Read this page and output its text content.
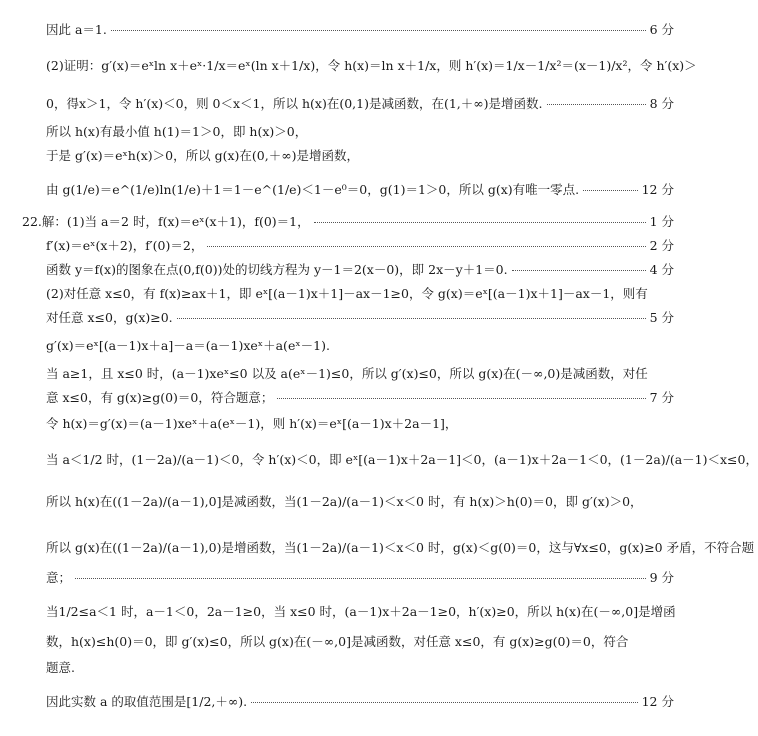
因此 a＝1.	6 分
(2)证明：g′(x)＝eˣln x＋eˣ·1/x＝eˣ(ln x＋1/x)，令 h(x)＝ln x＋1/x，则 h′(x)＝1/x－1/x²＝(x－1)/x²，令 h′(x)＞
0，得x＞1，令 h′(x)＜0，则 0＜x＜1，所以 h(x)在(0,1)是减函数，在(1,＋∞)是增函数.	8 分
所以 h(x)有最小值 h(1)＝1＞0，即 h(x)＞0，
于是 g′(x)＝eˣh(x)＞0，所以 g(x)在(0,＋∞)是增函数，
由 g(1/e)＝e^(1/e)ln(1/e)＋1＝1－e^(1/e)＜1－e⁰＝0，g(1)＝1＞0，所以 g(x)有唯一零点.	12 分
22.解：(1)当 a＝2 时，f(x)＝eˣ(x＋1)，f(0)＝1，	1 分
f′(x)＝eˣ(x＋2)，f′(0)＝2，	2 分
函数 y＝f(x)的图象在点(0,f(0))处的切线方程为 y－1＝2(x－0)，即 2x－y＋1＝0.	4 分
(2)对任意 x≤0，有 f(x)≥ax＋1，即 eˣ[(a－1)x＋1]－ax－1≥0，令 g(x)＝eˣ[(a－1)x＋1]－ax－1，则有
对任意 x≤0，g(x)≥0.	5 分
g′(x)＝eˣ[(a－1)x＋a]－a＝(a－1)xeˣ＋a(eˣ－1).
当 a≥1，且 x≤0 时，(a－1)xeˣ≤0 以及 a(eˣ－1)≤0，所以 g′(x)≤0，所以 g(x)在(－∞,0)是减函数，对任
意 x≤0，有 g(x)≥g(0)＝0，符合题意；	7 分
令 h(x)＝g′(x)＝(a－1)xeˣ＋a(eˣ－1)，则 h′(x)＝eˣ[(a－1)x＋2a－1]，
当 a＜1/2 时，(1－2a)/(a－1)＜0，令 h′(x)＜0，即 eˣ[(a－1)x＋2a－1]＜0，(a－1)x＋2a－1＜0，(1－2a)/(a－1)＜x≤0，
所以 h(x)在((1－2a)/(a－1),0]是减函数，当(1－2a)/(a－1)＜x＜0 时，有 h(x)＞h(0)＝0，即 g′(x)＞0，
所以 g(x)在((1－2a)/(a－1),0)是增函数，当(1－2a)/(a－1)＜x＜0 时，g(x)＜g(0)＝0，这与∀x≤0，g(x)≥0 矛盾，不符合题
意；	9 分
当1/2≤a＜1 时，a－1＜0，2a－1≥0，当 x≤0 时，(a－1)x＋2a－1≥0，h′(x)≥0，所以 h(x)在(－∞,0]是增函
数，h(x)≤h(0)＝0，即 g′(x)≤0，所以 g(x)在(－∞,0]是减函数，对任意 x≤0，有 g(x)≥g(0)＝0，符合
题意.
因此实数 a 的取值范围是[1/2,＋∞).	12 分
